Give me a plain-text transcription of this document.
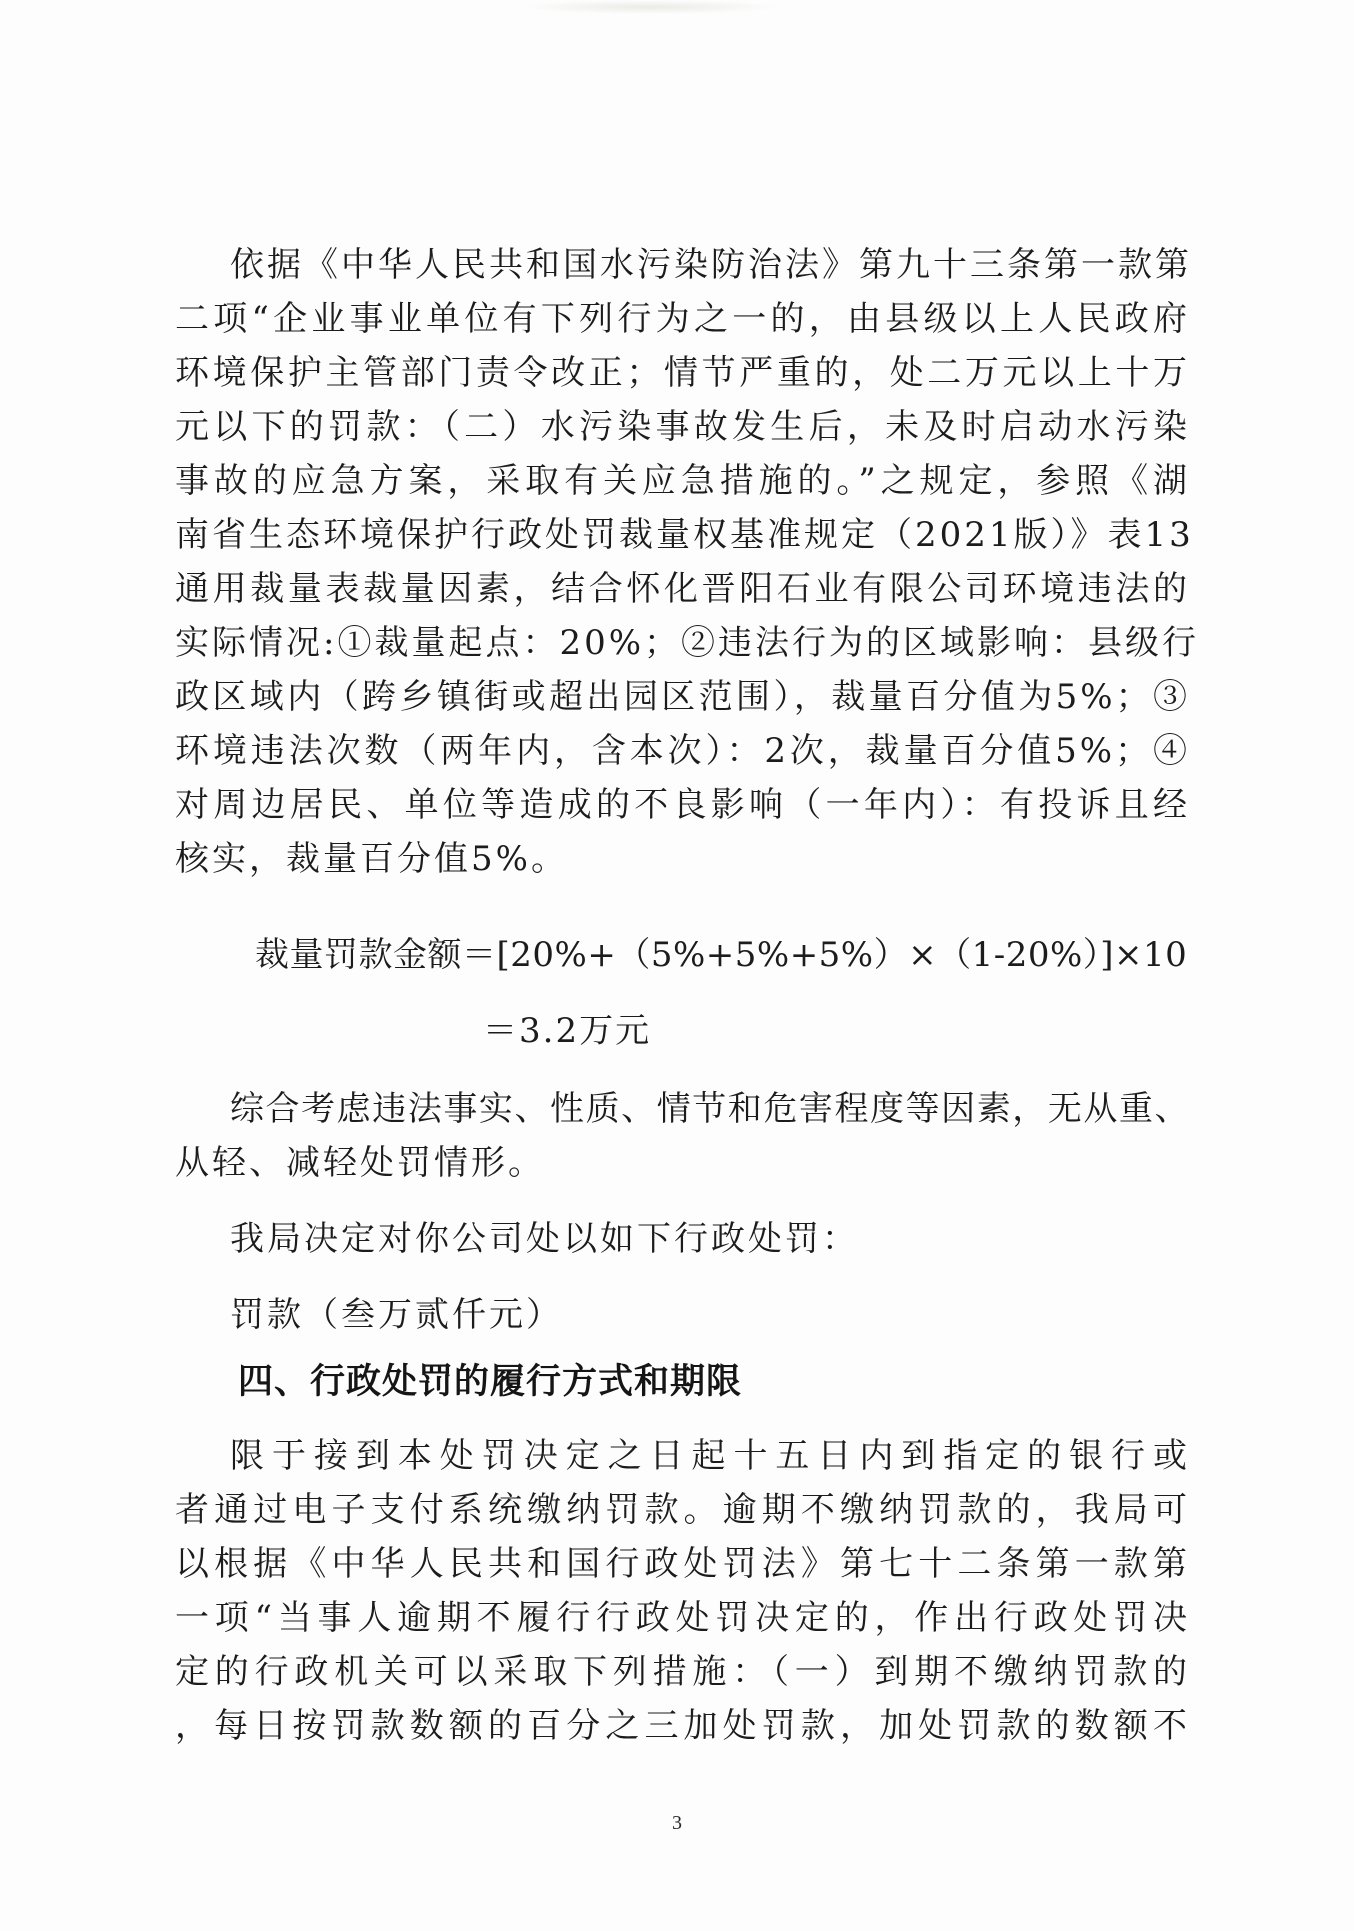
依据《中华人民共和国水污染防治法》第九十三条第一款第
二项“企业事业单位有下列行为之一的，由县级以上人民政府
环境保护主管部门责令改正；情节严重的，处二万元以上十万
元以下的罚款：（二）水污染事故发生后，未及时启动水污染
事故的应急方案，采取有关应急措施的。”之规定，参照《湖
南省生态环境保护行政处罚裁量权基准规定（2021版）》表13
通用裁量表裁量因素，结合怀化晋阳石业有限公司环境违法的
实际情况:①裁量起点：20%；②违法行为的区域影响：县级行
政区域内（跨乡镇街或超出园区范围），裁量百分值为5%；③
环境违法次数（两年内，含本次）：2次，裁量百分值5%；④
对周边居民、单位等造成的不良影响（一年内）：有投诉且经
核实，裁量百分值5%。
裁量罚款金额＝[20%+（5%+5%+5%）×（1-20%）]×10
＝3.2万元
综合考虑违法事实、性质、情节和危害程度等因素，无从重、
从轻、减轻处罚情形。
我局决定对你公司处以如下行政处罚：
罚款（叁万贰仟元）
四、行政处罚的履行方式和期限
限于接到本处罚决定之日起十五日内到指定的银行或
者通过电子支付系统缴纳罚款。逾期不缴纳罚款的，我局可
以根据《中华人民共和国行政处罚法》第七十二条第一款第
一项“当事人逾期不履行行政处罚决定的，作出行政处罚决
定的行政机关可以采取下列措施：（一）到期不缴纳罚款的
，每日按罚款数额的百分之三加处罚款，加处罚款的数额不
3
